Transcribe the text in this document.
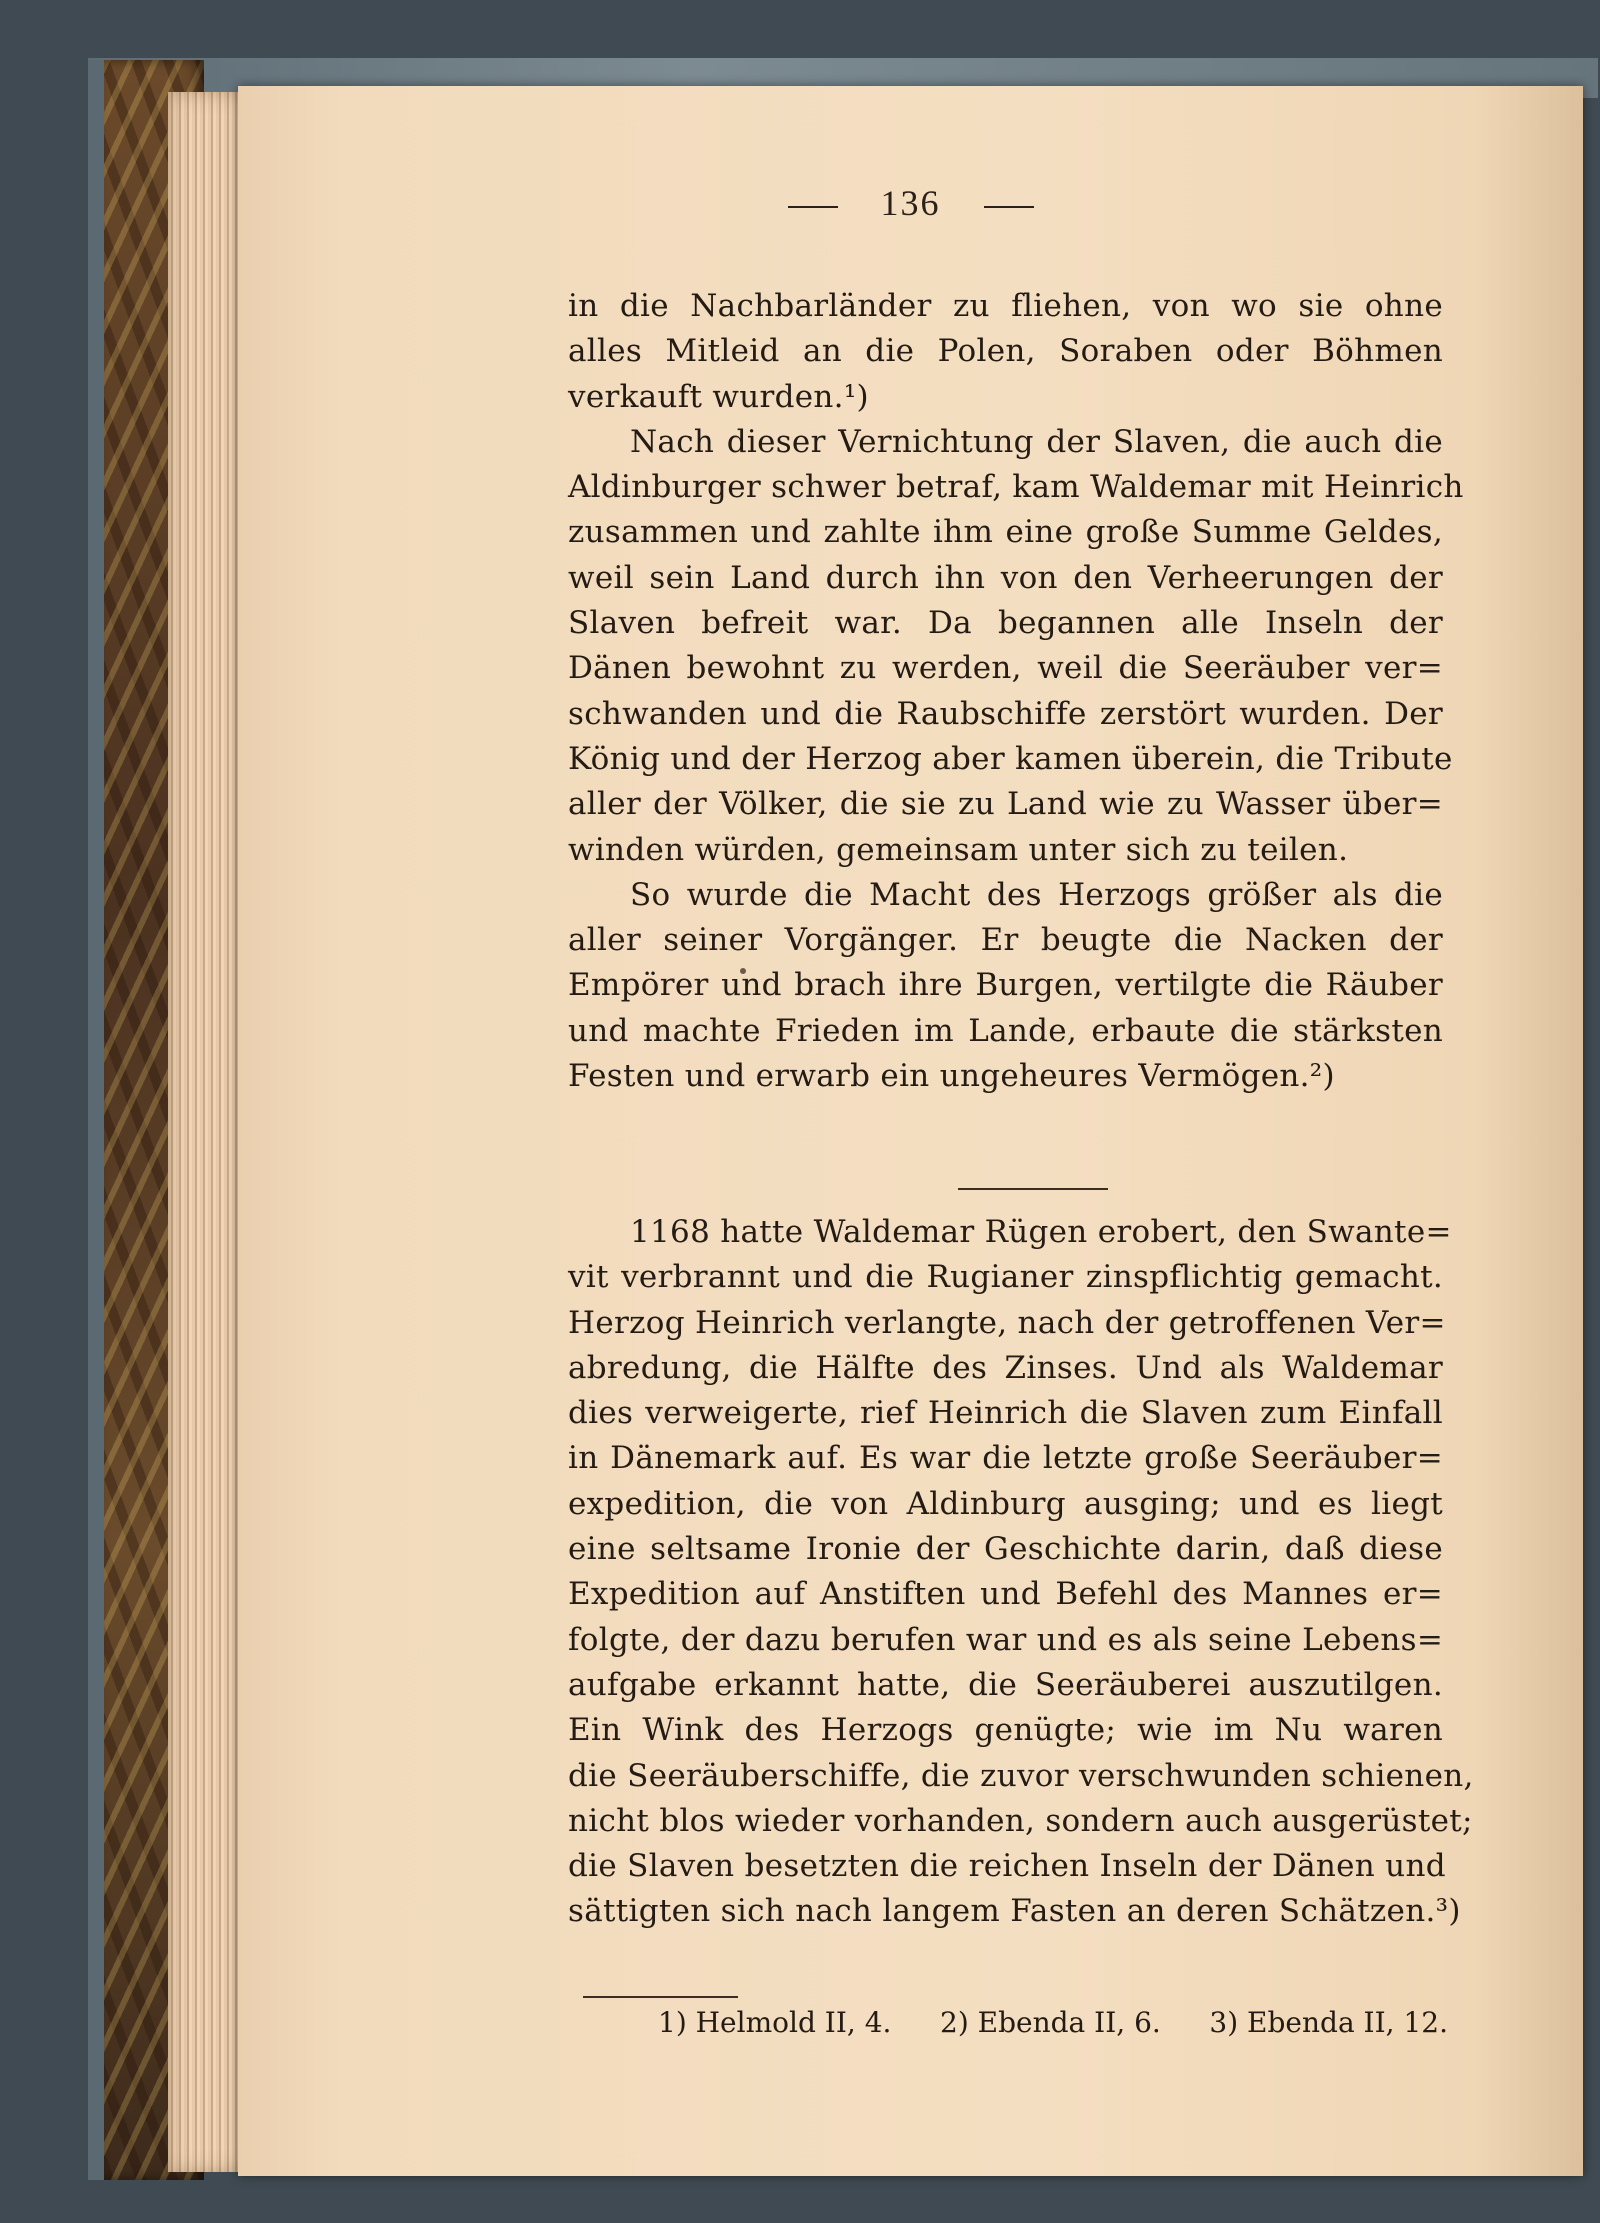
136
in die Nachbarländer zu fliehen, von wo sie ohne
alles Mitleid an die Polen, Soraben oder Böhmen
verkauft wurden.¹)
Nach dieser Vernichtung der Slaven, die auch die
Aldinburger schwer betraf, kam Waldemar mit Heinrich
zusammen und zahlte ihm eine große Summe Geldes,
weil sein Land durch ihn von den Verheerungen der
Slaven befreit war. Da begannen alle Inseln der
Dänen bewohnt zu werden, weil die Seeräuber ver=
schwanden und die Raubschiffe zerstört wurden. Der
König und der Herzog aber kamen überein, die Tribute
aller der Völker, die sie zu Land wie zu Wasser über=
winden würden, gemeinsam unter sich zu teilen.
So wurde die Macht des Herzogs größer als die
aller seiner Vorgänger. Er beugte die Nacken der
Empörer und brach ihre Burgen, vertilgte die Räuber
und machte Frieden im Lande, erbaute die stärksten
Festen und erwarb ein ungeheures Vermögen.²)
1168 hatte Waldemar Rügen erobert, den Swante=
vit verbrannt und die Rugianer zinspflichtig gemacht.
Herzog Heinrich verlangte, nach der getroffenen Ver=
abredung, die Hälfte des Zinses. Und als Waldemar
dies verweigerte, rief Heinrich die Slaven zum Einfall
in Dänemark auf. Es war die letzte große Seeräuber=
expedition, die von Aldinburg ausging; und es liegt
eine seltsame Ironie der Geschichte darin, daß diese
Expedition auf Anstiften und Befehl des Mannes er=
folgte, der dazu berufen war und es als seine Lebens=
aufgabe erkannt hatte, die Seeräuberei auszutilgen.
Ein Wink des Herzogs genügte; wie im Nu waren
die Seeräuberschiffe, die zuvor verschwunden schienen,
nicht blos wieder vorhanden, sondern auch ausgerüstet;
die Slaven besetzten die reichen Inseln der Dänen und
sättigten sich nach langem Fasten an deren Schätzen.³)
1) Helmold II, 4. 2) Ebenda II, 6. 3) Ebenda II, 12.
